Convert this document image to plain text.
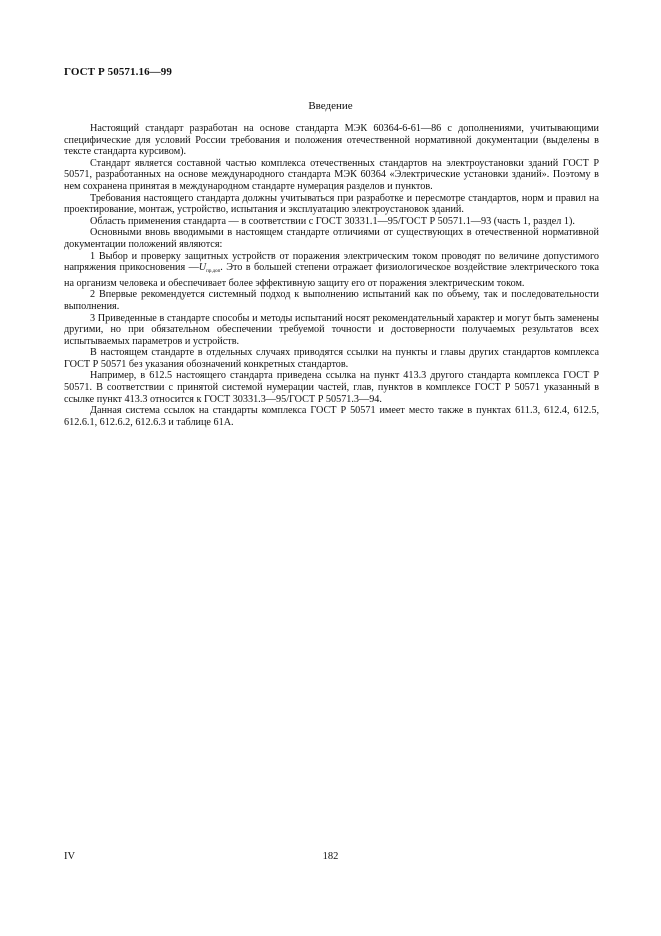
ГОСТ Р 50571.16—99
Введение

Настоящий стандарт разработан на основе стандарта МЭК 60364-6-61—86 с дополнениями, учитывающими специфические для условий России требования и положения отечественной нормативной документации (выделены в тексте стандарта курсивом).

Стандарт является составной частью комплекса отечественных стандартов на электроустановки зданий ГОСТ Р 50571, разработанных на основе международного стандарта МЭК 60364 «Электрические установки зданий». Поэтому в нем сохранена принятая в международном стандарте нумерация разделов и пунктов.

Требования настоящего стандарта должны учитываться при разработке и пересмотре стандартов, норм и правил на проектирование, монтаж, устройство, испытания и эксплуатацию электроустановок зданий.

Область применения стандарта — в соответствии с ГОСТ 30331.1—95/ГОСТ Р 50571.1—93 (часть 1, раздел 1).

Основными вновь вводимыми в настоящем стандарте отличиями от существующих в отечественной нормативной документации положений являются:

1 Выбор и проверку защитных устройств от поражения электрическим током проводят по величине допустимого напряжения прикосновения $—U_{пр.доп}$. Это в большей степени отражает физиологическое воздействие электрического тока на организм человека и обеспечивает более эффективную защиту его от поражения электрическим током.

2 Впервые рекомендуется системный подход к выполнению испытаний как по объему, так и последовательности выполнения.

3 Приведенные в стандарте способы и методы испытаний носят рекомендательный характер и могут быть заменены другими, но при обязательном обеспечении требуемой точности и достоверности получаемых результатов всех испытываемых параметров и устройств.

В настоящем стандарте в отдельных случаях приводятся ссылки на пункты и главы других стандартов комплекса ГОСТ Р 50571 без указания обозначений конкретных стандартов.

Например, в 612.5 настоящего стандарта приведена ссылка на пункт 413.3 другого стандарта комплекса ГОСТ Р 50571. В соответствии с принятой системой нумерации частей, глав, пунктов в комплексе ГОСТ Р 50571 указанный в ссылке пункт 413.3 относится к ГОСТ 30331.3—95/ГОСТ Р 50571.3—94.

Данная система ссылок на стандарты комплекса ГОСТ Р 50571 имеет место также в пунктах 611.3, 612.4, 612.5, 612.6.1, 612.6.2, 612.6.3 и таблице 61А.

IV	182
